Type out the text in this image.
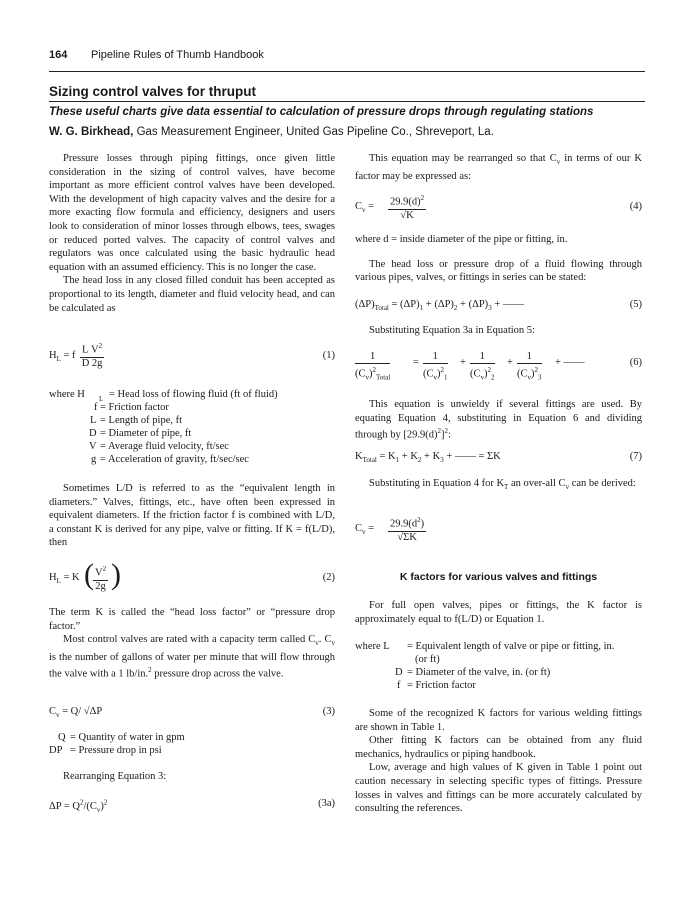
164 Pipeline Rules of Thumb Handbook
Sizing control valves for thruput
These useful charts give data essential to calculation of pressure drops through regulating stations
W. G. Birkhead, Gas Measurement Engineer, United Gas Pipeline Co., Shreveport, La.

Pressure losses through piping fittings, once given little consideration in the sizing of control valves, have become important as more efficient control valves have been developed. With the development of high capacity valves and the desire for a more exacting flow formula and efficiency, designers and users look to consideration of minor losses through elbows, tees, swages or reduced ported valves. The capacity of control valves and regulators was once calculated using the basic hydraulic head equation with an assumed efficiency. This is no longer the case.

The head loss in any closed filled conduit has been accepted as proportional to its length, diameter and fluid velocity head, and can be calculated as

$H_L = f \frac{L V^2}{D 2g}$	(1)
where H L = Head loss of flowing fluid (ft of fluid)
f = Friction factor
L = Length of pipe, ft
D = Diameter of pipe, ft
V = Average fluid velocity, ft/sec
g = Acceleration of gravity, ft/sec/sec

Sometimes L/D is referred to as the “equivalent length in diameters.” Valves, fittings, etc., have often been expressed in equivalent diameters. If the friction factor f is combined with L/D, a constant K is derived for any pipe, valve or fitting. If K = f(L/D), then

$H_L = K$ ( $\frac{V^2}{2g}$ )	(2)

The term K is called the “head loss factor” or “pressure drop factor.”

Most control valves are rated with a capacity term called $C_v$. $C_v$ is the number of gallons of water per minute that will flow through the valve with a 1 lb/in.$^2$ pressure drop across the valve.

$C_v = Q/$ √ΔP	(3)
Q = Quantity of water in gpm
DP = Pressure drop in psi
Rearranging Equation 3:
$\Delta P = Q^2/(C_v)^2$	(3a)

This equation may be rearranged so that $C_v$ in terms of our K factor may be expressed as:

$C_v = \frac{29.9(d)^2}{√K}$	(4)

where d = inside diameter of the pipe or fitting, in.

The head loss or pressure drop of a fluid flowing through various pipes, valves, or fittings in series can be stated:

$(\Delta P)_{Total} = (\Delta P)_1 + (\Delta P)_2 + (\Delta P)_3$ + ——	(5)
Substituting Equation 3a in Equation 5:
1
$(C_v)^2_{Total}$
= $\frac{1}{(C_v)^2_1} + \frac{1}{(C_v)^2_2} + \frac{1}{(C_v)^2_3}$ + ——	(6)

This equation is unwieldy if several fittings are used. By equating Equation 4, substituting in Equation 6 and dividing through by $[29.9(d)^2]^2$:

$K_{Total} = K_1 + K_2 + K_3$ + —— = ΣK	(7)

Substituting in Equation 4 for $K_T$ an over-all $C_v$ can be derived:

$C_v = \frac{29.9(d^2)}{√\Sigma K}$
K factors for various valves and fittings

For full open valves, pipes or fittings, the K factor is approximately equal to f(L/D) or Equation 1.

where L = Equivalent length of valve or pipe or fitting, in.
(or ft)
D = Diameter of the valve, in. (or ft)
f = Friction factor

Some of the recognized K factors for various welding fittings are shown in Table 1.

Other fitting K factors can be obtained from any fluid mechanics, hydraulics or piping handbook.

Low, average and high values of K given in Table 1 point out caution necessary in selecting specific types of fittings. Pressure losses in valves and fittings can be more accurately calculated by consulting the references.
